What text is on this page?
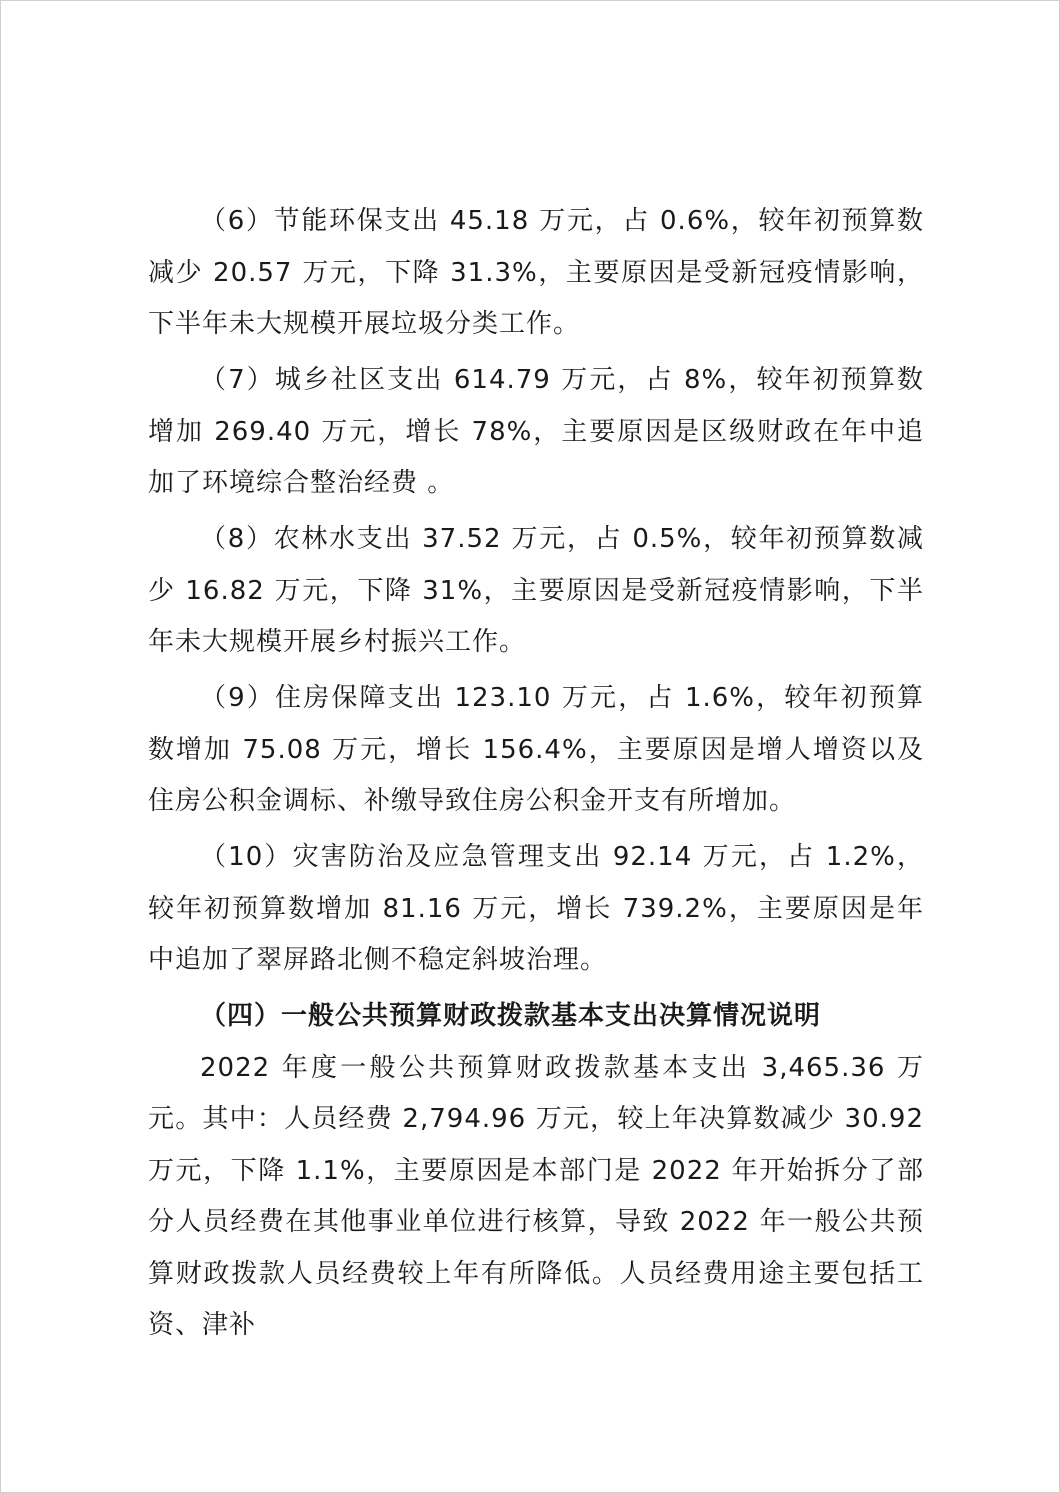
（6）节能环保支出 45.18 万元，占 0.6%，较年初预算数减少 20.57 万元，下降 31.3%，主要原因是受新冠疫情影响，下半年未大规模开展垃圾分类工作。

（7）城乡社区支出 614.79 万元，占 8%，较年初预算数增加 269.40 万元，增长 78%，主要原因是区级财政在年中追加了环境综合整治经费 。

（8）农林水支出 37.52 万元，占 0.5%，较年初预算数减少 16.82 万元，下降 31%，主要原因是受新冠疫情影响，下半年未大规模开展乡村振兴工作。

（9）住房保障支出 123.10 万元，占 1.6%，较年初预算数增加 75.08 万元，增长 156.4%，主要原因是增人增资以及住房公积金调标、补缴导致住房公积金开支有所增加。

（10）灾害防治及应急管理支出 92.14 万元，占 1.2%，较年初预算数增加 81.16 万元，增长 739.2%，主要原因是年中追加了翠屏路北侧不稳定斜坡治理。

（四）一般公共预算财政拨款基本支出决算情况说明

2022 年度一般公共预算财政拨款基本支出 3,465.36 万元。其中：人员经费 2,794.96 万元，较上年决算数减少 30.92 万元，下降 1.1%，主要原因是本部门是 2022 年开始拆分了部分人员经费在其他事业单位进行核算，导致 2022 年一般公共预算财政拨款人员经费较上年有所降低。人员经费用途主要包括工资、津补
